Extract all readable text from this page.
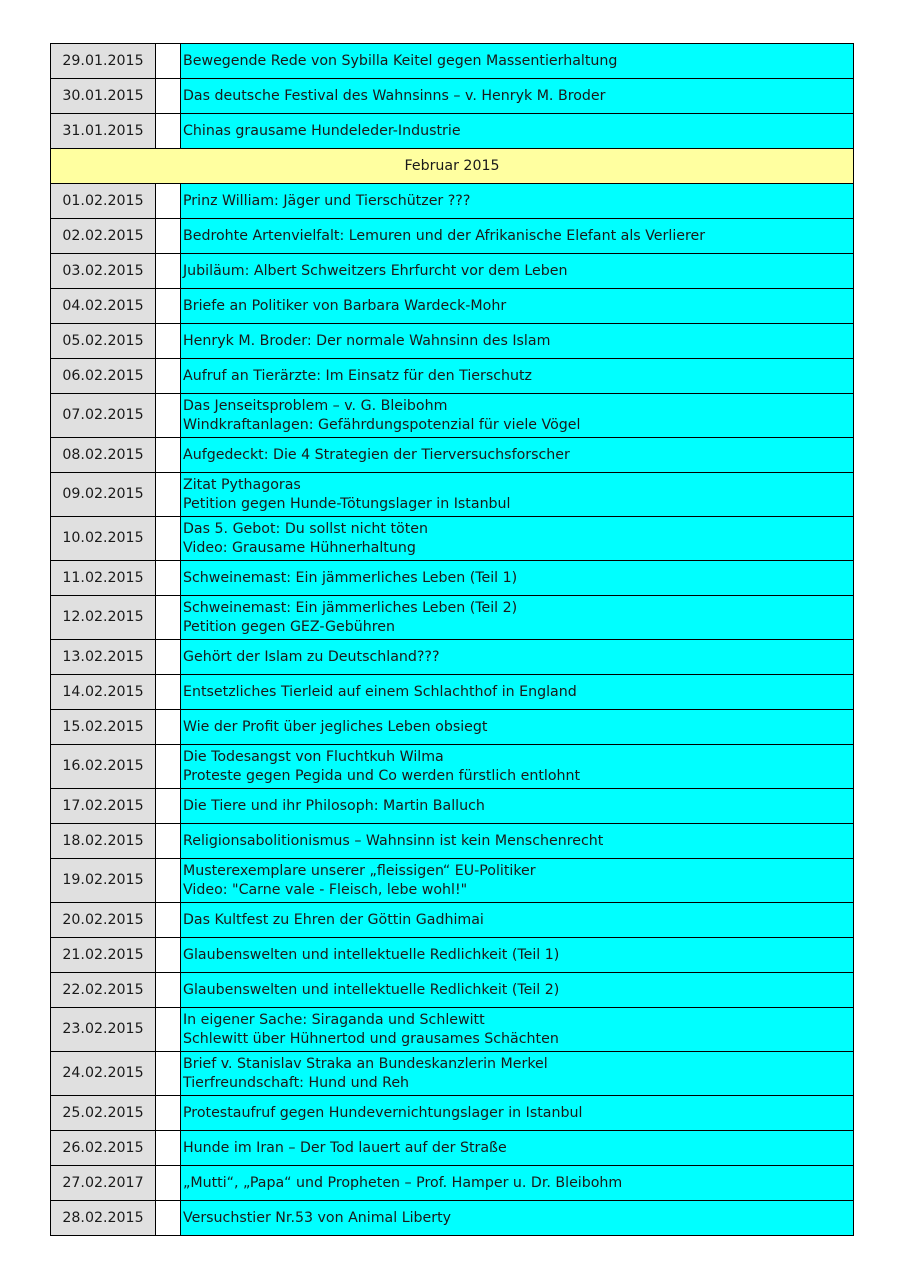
29.01.2015		Bewegende Rede von Sybilla Keitel gegen Massentierhaltung

30.01.2015		Das deutsche Festival des Wahnsinns – v. Henryk M. Broder

31.01.2015		Chinas grausame Hundeleder-Industrie

Februar 2015		
01.02.2015		Prinz William: Jäger und Tierschützer ???

02.02.2015		Bedrohte Artenvielfalt: Lemuren und der Afrikanische Elefant als Verlierer

03.02.2015		Jubiläum: Albert Schweitzers Ehrfurcht vor dem Leben

04.02.2015		Briefe an Politiker von Barbara Wardeck-Mohr

05.02.2015		Henryk M. Broder: Der normale Wahnsinn des Islam

06.02.2015		Aufruf an Tierärzte: Im Einsatz für den Tierschutz

07.02.2015		Das Jenseitsproblem – v. G. Bleibohm
Windkraftanlagen: Gefährdungspotenzial für viele Vögel

08.02.2015		Aufgedeckt: Die 4 Strategien der Tierversuchsforscher

09.02.2015		Zitat Pythagoras
Petition gegen Hunde-Tötungslager in Istanbul

10.02.2015		Das 5. Gebot: Du sollst nicht töten
Video: Grausame Hühnerhaltung

11.02.2015		Schweinemast: Ein jämmerliches Leben (Teil 1)

12.02.2015		Schweinemast: Ein jämmerliches Leben (Teil 2)
Petition gegen GEZ-Gebühren

13.02.2015		Gehört der Islam zu Deutschland???

14.02.2015		Entsetzliches Tierleid auf einem Schlachthof in England

15.02.2015		Wie der Profit über jegliches Leben obsiegt

16.02.2015		Die Todesangst von Fluchtkuh Wilma
Proteste gegen Pegida und Co werden fürstlich entlohnt

17.02.2015		Die Tiere und ihr Philosoph: Martin Balluch

18.02.2015		Religionsabolitionismus – Wahnsinn ist kein Menschenrecht

19.02.2015		Musterexemplare unserer „fleissigen“ EU-Politiker
Video: "Carne vale - Fleisch, lebe wohl!"

20.02.2015		Das Kultfest zu Ehren der Göttin Gadhimai

21.02.2015		Glaubenswelten und intellektuelle Redlichkeit (Teil 1)

22.02.2015		Glaubenswelten und intellektuelle Redlichkeit (Teil 2)

23.02.2015		In eigener Sache: Siraganda und Schlewitt
Schlewitt über Hühnertod und grausames Schächten

24.02.2015		Brief v. Stanislav Straka an Bundeskanzlerin Merkel
Tierfreundschaft: Hund und Reh

25.02.2015		Protestaufruf gegen Hundevernichtungslager in Istanbul

26.02.2015		Hunde im Iran – Der Tod lauert auf der Straße

27.02.2017		„Mutti“, „Papa“ und Propheten – Prof. Hamper u. Dr. Bleibohm

28.02.2015		Versuchstier Nr.53 von Animal Liberty
